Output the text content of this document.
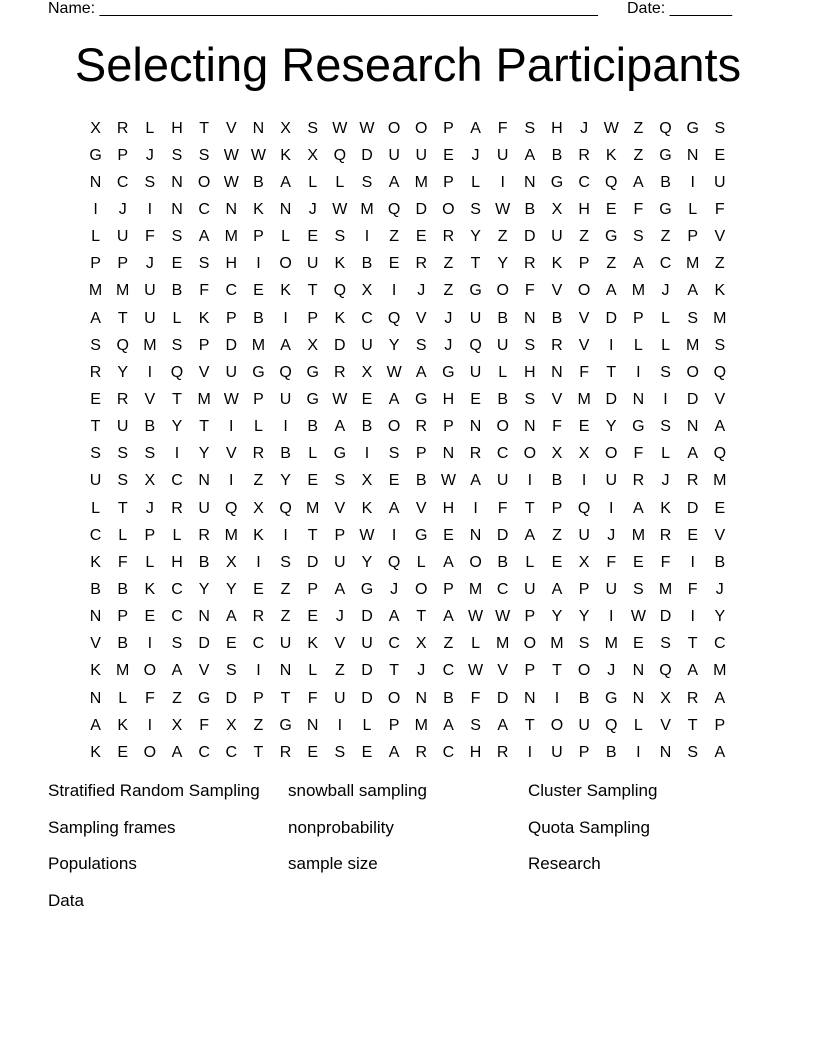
Name: ________________________________________________________ Date: _______
Selecting Research Participants
X	R	L	H	T	V	N	X	S W W O O P	A	F	S	H	J W Z	Q G S
G P	J	S	S W W K	X Q D U U	E	J	U	A	B	R	K	Z	G N	E
N C	S	N O W B	A	L	L	S	A M P	L	I	N G C Q A	B	I	U
I	J	I	N C N	K	N	J W M Q D O S W B	X	H	E	F	G	L	F
L	U	F	S	A M P	L	E	S	I	Z	E	R	Y	Z	D U	Z	G S	Z	P	V
P	P	J	E	S	H	I	O U	K	B	E	R	Z	T	Y	R	K	P	Z	A	C M Z
M M U	B	F	C	E	K	T	Q X	I	J	Z	G O	F	V O A M	J	A	K
A	T	U	L	K	P	B	I	P	K	C Q V	J	U	B	N	B	V	D	P	L	S M
S Q M S	P	D M A	X	D U	Y	S	J	Q U	S	R	V	I	L	L	M S
R	Y	I	Q V	U G Q G R	X W A G U	L	H N	F	T	I	S O Q
E	R	V	T M W P	U G W E	A G H	E	B	S	V M D N	I	D	V
T	U	B	Y	T	I	L	I	B	A	B O R	P	N O N	F	E	Y G S	N	A
S	S	S	I	Y	V	R	B	L	G	I	S	P	N R C O X	X O	F	L	A Q
U	S	X	C N	I	Z	Y	E	S	X	E	B W A	U	I	B	I	U R	J	R M
L	T	J	R U Q X Q M V	K	A	V	H	I	F	T	P Q	I	A	K	D	E
C	L	P	L	R M K	I	T	P W	I	G E	N D	A	Z	U	J	M R	E	V
K	F	L	H	B	X	I	S	D U	Y Q	L	A O B	L	E	X	F	E	F	I	B
B	B	K	C	Y	Y	E	Z	P	A G	J	O P M C U	A	P	U	S M F	J
N	P	E	C N	A	R	Z	E	J	D	A	T	A W W P	Y	Y	I	W D	I	Y
V	B	I	S	D	E	C U	K	V	U C	X	Z	L	M O M S M E	S	T	C
K M O A	V	S	I	N	L	Z	D	T	J	C W V	P	T	O	J	N Q A M
N	L	F	Z	G D	P	T	F	U D O N	B	F	D N	I	B G N	X	R	A
A	K	I	X	F	X	Z	G N	I	L	P M A	S	A	T	O U Q	L	V	T	P
K	E O A	C C	T	R	E	S	E	A	R C H R	I	U	P	B	I	N	S	A
Stratified Random Sampling	snowball sampling	Cluster Sampling
Sampling frames	nonprobability	Quota Sampling
Populations	sample size	Research
Data
